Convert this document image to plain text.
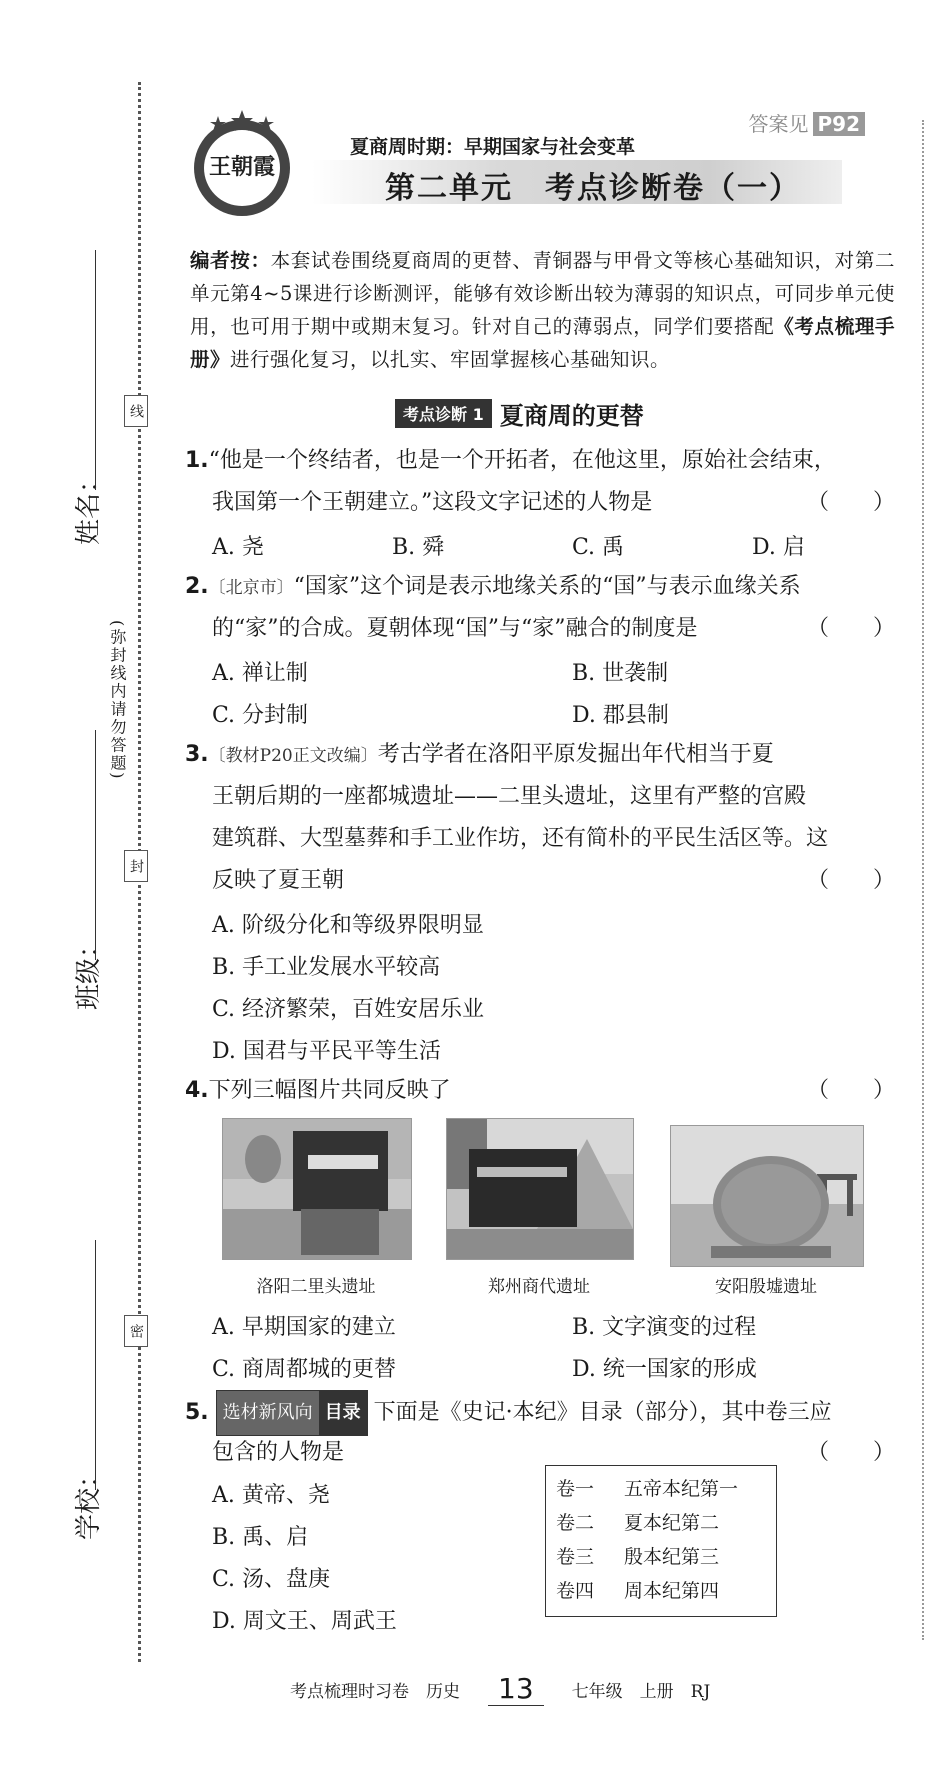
姓名：
班级：
学校：
线
封
密
(弥封线内请勿答题)
答案见 P92
王朝霞
夏商周时期：早期国家与社会变革
第二单元　考点诊断卷（一）
编者按：本套试卷围绕夏商周的更替、青铜器与甲骨文等核心基础知识，对第二单元第4~5课进行诊断测评，能够有效诊断出较为薄弱的知识点，可同步单元使用，也可用于期中或期末复习。针对自己的薄弱点，同学们要搭配《考点梳理手册》进行强化复习，以扎实、牢固掌握核心基础知识。
考点诊断 1 夏商周的更替
1.“他是一个终结者，也是一个开拓者，在他这里，原始社会结束，
我国第一个王朝建立。”这段文字记述的人物是	（　　）
A. 尧	B. 舜	C. 禹	D. 启
2.〔北京市〕“国家”这个词是表示地缘关系的“国”与表示血缘关系
的“家”的合成。夏朝体现“国”与“家”融合的制度是	（　　）
A. 禅让制	B. 世袭制
C. 分封制	D. 郡县制
3.〔教材P20正文改编〕考古学者在洛阳平原发掘出年代相当于夏
王朝后期的一座都城遗址——二里头遗址，这里有严整的宫殿
建筑群、大型墓葬和手工业作坊，还有简朴的平民生活区等。这
反映了夏王朝	（　　）
A. 阶级分化和等级界限明显
B. 手工业发展水平较高
C. 经济繁荣，百姓安居乐业
D. 国君与平民平等生活
4.下列三幅图片共同反映了	（　　）
洛阳二里头遗址	郑州商代遗址	安阳殷墟遗址
A. 早期国家的建立	B. 文字演变的过程
C. 商周都城的更替	D. 统一国家的形成
5. 选材新风向 目录 下面是《史记·本纪》目录（部分），其中卷三应
包含的人物是	（　　）
A. 黄帝、尧
B. 禹、启
C. 汤、盘庚
D. 周文王、周武王
卷一 五帝本纪第一
卷二 夏本纪第二
卷三 殷本纪第三
卷四 周本纪第四
考点梳理时习卷　历史	13	七年级　上册　RJ
